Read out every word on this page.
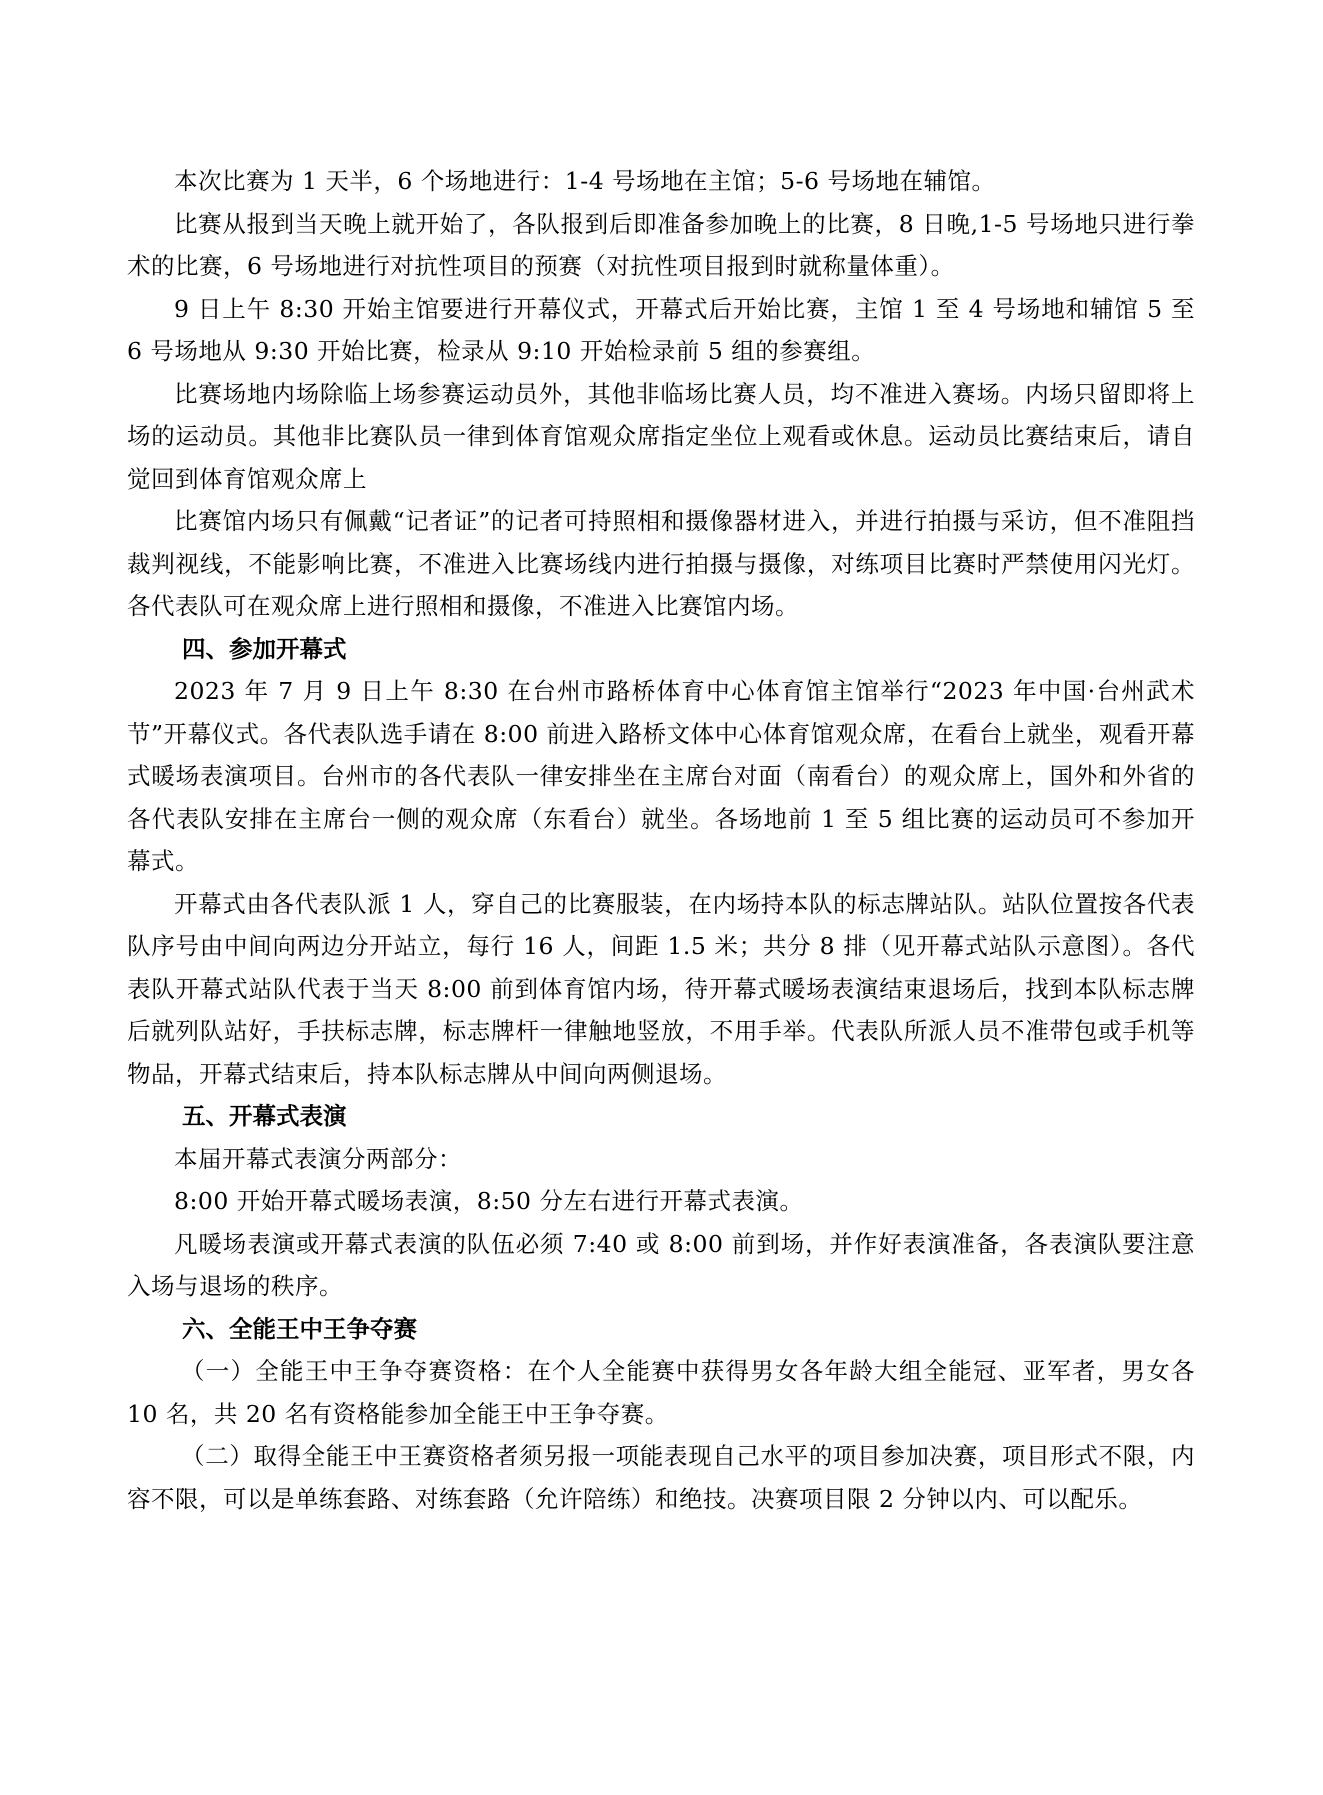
本次比赛为 1 天半，6 个场地进行：1-4 号场地在主馆；5-6 号场地在辅馆。

比赛从报到当天晚上就开始了，各队报到后即准备参加晚上的比赛，8 日晚,1-5 号场地只进行拳术的比赛，6 号场地进行对抗性项目的预赛（对抗性项目报到时就称量体重）。

9 日上午 8:30 开始主馆要进行开幕仪式，开幕式后开始比赛，主馆 1 至 4 号场地和辅馆 5 至 6 号场地从 9:30 开始比赛，检录从 9:10 开始检录前 5 组的参赛组。

比赛场地内场除临上场参赛运动员外，其他非临场比赛人员，均不准进入赛场。内场只留即将上场的运动员。其他非比赛队员一律到体育馆观众席指定坐位上观看或休息。运动员比赛结束后，请自觉回到体育馆观众席上

比赛馆内场只有佩戴“记者证”的记者可持照相和摄像器材进入，并进行拍摄与采访，但不准阻挡裁判视线，不能影响比赛，不准进入比赛场线内进行拍摄与摄像，对练项目比赛时严禁使用闪光灯。各代表队可在观众席上进行照相和摄像，不准进入比赛馆内场。

四、参加开幕式

2023 年 7 月 9 日上午 8:30 在台州市路桥体育中心体育馆主馆举行“2023 年中国·台州武术节”开幕仪式。各代表队选手请在 8:00 前进入路桥文体中心体育馆观众席，在看台上就坐，观看开幕式暖场表演项目。台州市的各代表队一律安排坐在主席台对面（南看台）的观众席上，国外和外省的各代表队安排在主席台一侧的观众席（东看台）就坐。各场地前 1 至 5 组比赛的运动员可不参加开幕式。

开幕式由各代表队派 1 人，穿自己的比赛服装，在内场持本队的标志牌站队。站队位置按各代表队序号由中间向两边分开站立，每行 16 人，间距 1.5 米；共分 8 排（见开幕式站队示意图）。各代表队开幕式站队代表于当天 8:00 前到体育馆内场，待开幕式暖场表演结束退场后，找到本队标志牌后就列队站好，手扶标志牌，标志牌杆一律触地竖放，不用手举。代表队所派人员不准带包或手机等物品，开幕式结束后，持本队标志牌从中间向两侧退场。

五、开幕式表演

本届开幕式表演分两部分：

8:00 开始开幕式暖场表演，8:50 分左右进行开幕式表演。

凡暖场表演或开幕式表演的队伍必须 7:40 或 8:00 前到场，并作好表演准备，各表演队要注意入场与退场的秩序。

六、全能王中王争夺赛

（一）全能王中王争夺赛资格：在个人全能赛中获得男女各年龄大组全能冠、亚军者，男女各 10 名，共 20 名有资格能参加全能王中王争夺赛。

（二）取得全能王中王赛资格者须另报一项能表现自己水平的项目参加决赛，项目形式不限，内容不限，可以是单练套路、对练套路（允许陪练）和绝技。决赛项目限 2 分钟以内、可以配乐。
